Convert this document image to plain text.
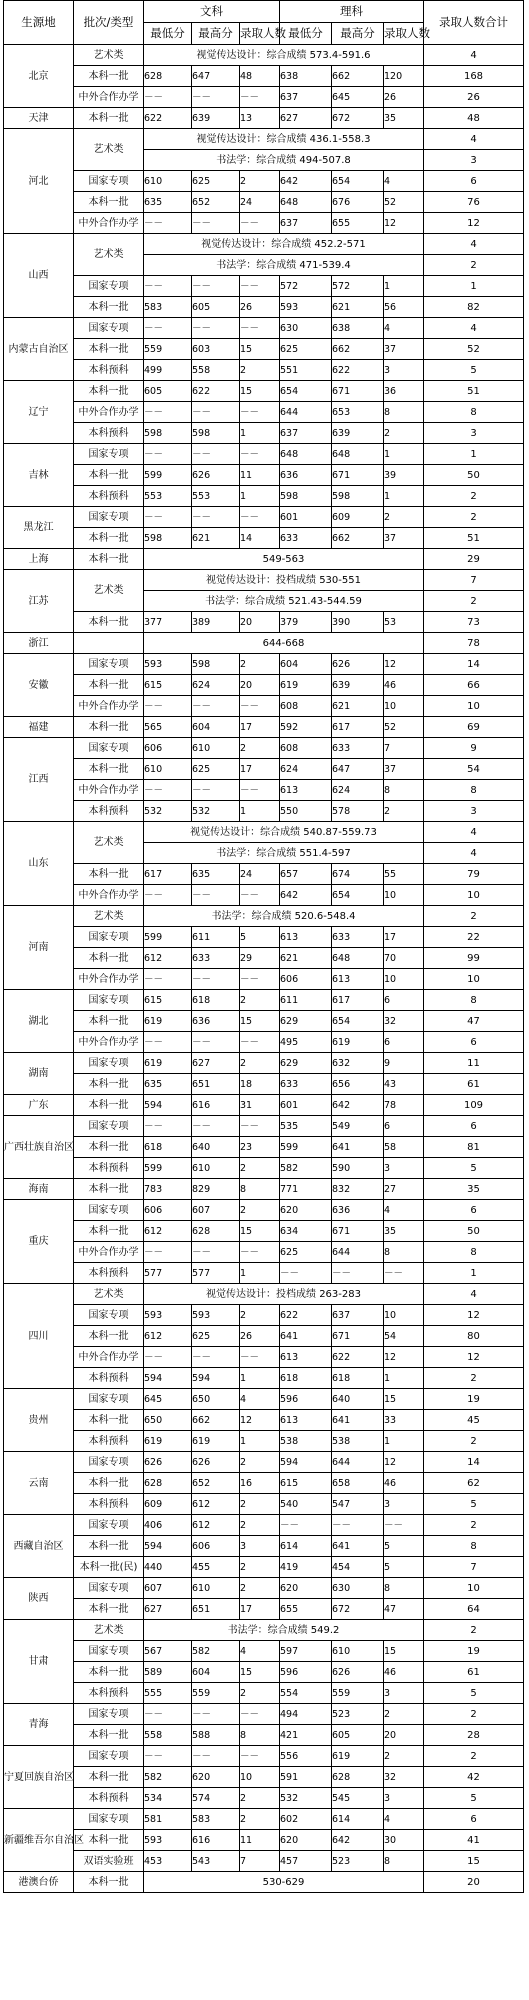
生源地	批次/类型	文科			理科			录取人数合计
		最低分	最高分	录取人数	最低分	最高分	录取人数	
北京	艺术类	视觉传达设计：综合成绩 573.4-591.6						4
	本科一批	628	647	48	638	662	120	168
	中外合作办学	－－	－－	－－	637	645	26	26
天津	本科一批	622	639	13	627	672	35	48
河北	艺术类	视觉传达设计：综合成绩 436.1-558.3						4
		书法学：综合成绩 494-507.8						3
	国家专项	610	625	2	642	654	4	6
	本科一批	635	652	24	648	676	52	76
	中外合作办学	－－	－－	－－	637	655	12	12
山西	艺术类	视觉传达设计：综合成绩 452.2-571						4
		书法学：综合成绩 471-539.4						2
	国家专项	－－	－－	－－	572	572	1	1
	本科一批	583	605	26	593	621	56	82
内蒙古自治区	国家专项	－－	－－	－－	630	638	4	4
	本科一批	559	603	15	625	662	37	52
	本科预科	499	558	2	551	622	3	5
辽宁	本科一批	605	622	15	654	671	36	51
	中外合作办学	－－	－－	－－	644	653	8	8
	本科预科	598	598	1	637	639	2	3
吉林	国家专项	－－	－－	－－	648	648	1	1
	本科一批	599	626	11	636	671	39	50
	本科预科	553	553	1	598	598	1	2
黑龙江	国家专项	－－	－－	－－	601	609	2	2
	本科一批	598	621	14	633	662	37	51
上海	本科一批	549-563						29
江苏	艺术类	视觉传达设计：投档成绩 530-551						7
		书法学：综合成绩 521.43-544.59						2
	本科一批	377	389	20	379	390	53	73
浙江		644-668						78
安徽	国家专项	593	598	2	604	626	12	14
	本科一批	615	624	20	619	639	46	66
	中外合作办学	－－	－－	－－	608	621	10	10
福建	本科一批	565	604	17	592	617	52	69
江西	国家专项	606	610	2	608	633	7	9
	本科一批	610	625	17	624	647	37	54
	中外合作办学	－－	－－	－－	613	624	8	8
	本科预科	532	532	1	550	578	2	3
山东	艺术类	视觉传达设计：综合成绩 540.87-559.73						4
		书法学：综合成绩 551.4-597						4
	本科一批	617	635	24	657	674	55	79
	中外合作办学	－－	－－	－－	642	654	10	10
河南	艺术类	书法学：综合成绩 520.6-548.4						2
	国家专项	599	611	5	613	633	17	22
	本科一批	612	633	29	621	648	70	99
	中外合作办学	－－	－－	－－	606	613	10	10
湖北	国家专项	615	618	2	611	617	6	8
	本科一批	619	636	15	629	654	32	47
	中外合作办学	－－	－－	－－	495	619	6	6
湖南	国家专项	619	627	2	629	632	9	11
	本科一批	635	651	18	633	656	43	61
广东	本科一批	594	616	31	601	642	78	109
广西壮族自治区	国家专项	－－	－－	－－	535	549	6	6
	本科一批	618	640	23	599	641	58	81
	本科预科	599	610	2	582	590	3	5
海南	本科一批	783	829	8	771	832	27	35
重庆	国家专项	606	607	2	620	636	4	6
	本科一批	612	628	15	634	671	35	50
	中外合作办学	－－	－－	－－	625	644	8	8
	本科预科	577	577	1	－－	－－	－－	1
四川	艺术类	视觉传达设计：投档成绩 263-283						4
	国家专项	593	593	2	622	637	10	12
	本科一批	612	625	26	641	671	54	80
	中外合作办学	－－	－－	－－	613	622	12	12
	本科预科	594	594	1	618	618	1	2
贵州	国家专项	645	650	4	596	640	15	19
	本科一批	650	662	12	613	641	33	45
	本科预科	619	619	1	538	538	1	2
云南	国家专项	626	626	2	594	644	12	14
	本科一批	628	652	16	615	658	46	62
	本科预科	609	612	2	540	547	3	5
西藏自治区	国家专项	406	612	2	－－	－－	－－	2
	本科一批	594	606	3	614	641	5	8
	本科一批(民)	440	455	2	419	454	5	7
陕西	国家专项	607	610	2	620	630	8	10
	本科一批	627	651	17	655	672	47	64
甘肃	艺术类	书法学：综合成绩 549.2						2
	国家专项	567	582	4	597	610	15	19
	本科一批	589	604	15	596	626	46	61
	本科预科	555	559	2	554	559	3	5
青海	国家专项	－－	－－	－－	494	523	2	2
	本科一批	558	588	8	421	605	20	28
宁夏回族自治区	国家专项	－－	－－	－－	556	619	2	2
	本科一批	582	620	10	591	628	32	42
	本科预科	534	574	2	532	545	3	5
新疆维吾尔自治区	国家专项	581	583	2	602	614	4	6
	本科一批	593	616	11	620	642	30	41
	双语实验班	453	543	7	457	523	8	15
港澳台侨	本科一批	530-629						20
